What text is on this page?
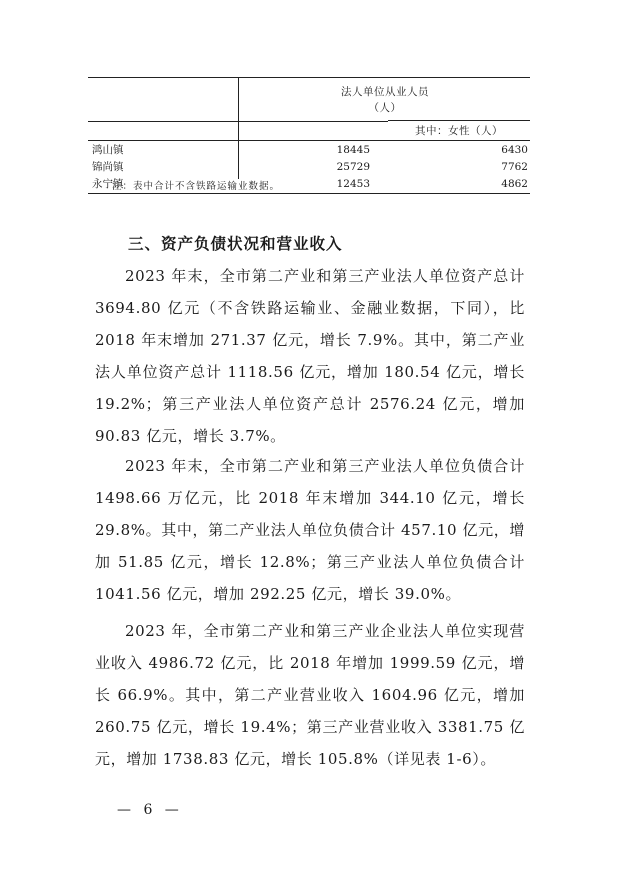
法人单位从业人员
（人）
其中：女性（人）
鸿山镇	18445	6430
锦尚镇	25729	7762
永宁镇	12453	4862
注：表中合计不含铁路运输业数据。
三、资产负债状况和营业收入
2023 年末，全市第二产业和第三产业法人单位资产总计 3694.80 亿元（不含铁路运输业、金融业数据，下同），比 2018 年末增加 271.37 亿元，增长 7.9%。其中，第二产业法人单位资产总计 1118.56 亿元，增加 180.54 亿元，增长 19.2%；第三产业法人单位资产总计 2576.24 亿元，增加 90.83 亿元，增长 3.7%。
2023 年末，全市第二产业和第三产业法人单位负债合计 1498.66 万亿元，比 2018 年末增加 344.10 亿元，增长 29.8%。其中，第二产业法人单位负债合计 457.10 亿元，增加 51.85 亿元，增长 12.8%；第三产业法人单位负债合计 1041.56 亿元，增加 292.25 亿元，增长 39.0%。
2023 年，全市第二产业和第三产业企业法人单位实现营业收入 4986.72 亿元，比 2018 年增加 1999.59 亿元，增长 66.9%。其中，第二产业营业收入 1604.96 亿元，增加 260.75 亿元，增长 19.4%；第三产业营业收入 3381.75 亿元，增加 1738.83 亿元，增长 105.8%（详见表 1-6）。
— 6 —
